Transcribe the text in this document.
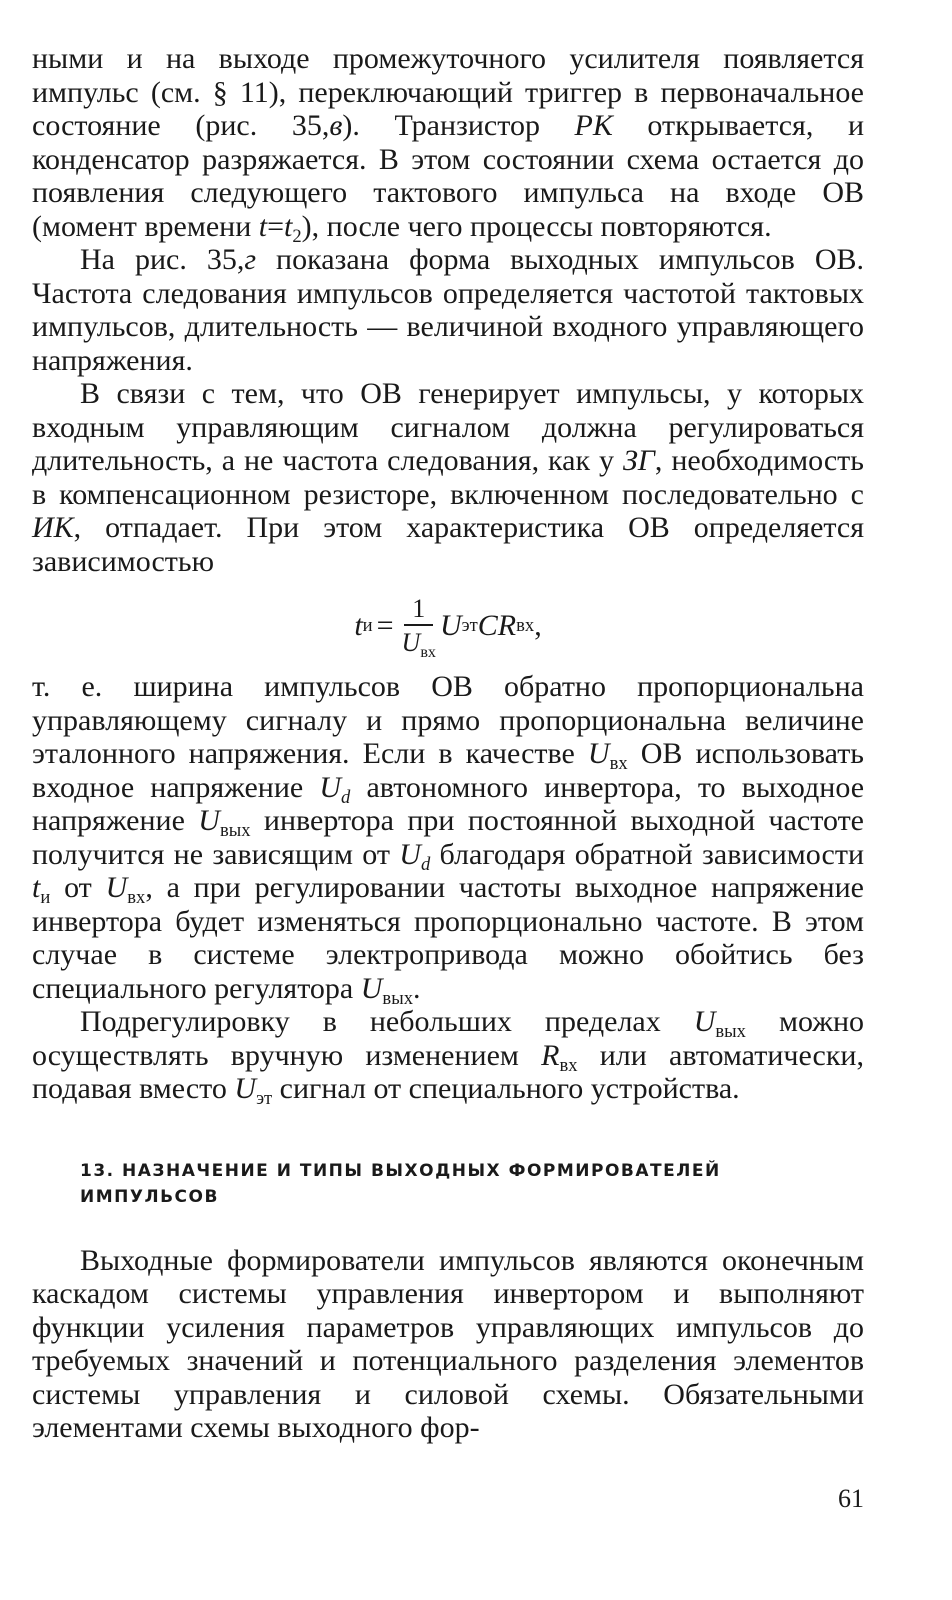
ными и на выходе промежуточного усилителя появляется импульс (см. § 11), переключающий триггер в первоначальное состояние (рис. 35,в). Транзистор РК открывается, и конденсатор разряжается. В этом состоянии схема остается до появления следующего тактового импульса на входе ОВ (момент времени $t=t_2$), после чего процессы повторяются.

На рис. 35,г показана форма выходных импульсов ОВ. Частота следования импульсов определяется частотой тактовых импульсов, длительность — величиной входного управляющего напряжения.

В связи с тем, что ОВ генерирует импульсы, у которых входным управляющим сигналом должна регулироваться длительность, а не частота следования, как у ЗГ, необходимость в компенсационном резисторе, включенном последовательно с ИК, отпадает. При этом характеристика ОВ определяется зависимостью

t $и = \frac{1}{U_{вх}}$ U эт CR вх ,

т. е. ширина импульсов ОВ обратно пропорциональна управляющему сигналу и прямо пропорциональна величине эталонного напряжения. Если в качестве $U_{вх}$ ОВ использовать входное напряжение $U_d$ автономного инвертора, то выходное напряжение $U_{вых}$ инвертора при постоянной выходной частоте получится не зависящим от $U_d$ благодаря обратной зависимости $t_и$ от $U_{вх}$, а при регулировании частоты выходное напряжение инвертора будет изменяться пропорционально частоте. В этом случае в системе электропривода можно обойтись без специального регулятора $U_{вых}$.

Подрегулировку в небольших пределах $U_{вых}$ можно осуществлять вручную изменением $R_{вх}$ или автоматически, подавая вместо $U_{эт}$ сигнал от специального устройства.

13. НАЗНАЧЕНИЕ И ТИПЫ ВЫХОДНЫХ ФОРМИРОВАТЕЛЕЙ ИМПУЛЬСОВ

Выходные формирователи импульсов являются оконечным каскадом системы управления инвертором и выполняют функции усиления параметров управляющих импульсов до требуемых значений и потенциального разделения элементов системы управления и силовой схемы. Обязательными элементами схемы выходного фор-

61
